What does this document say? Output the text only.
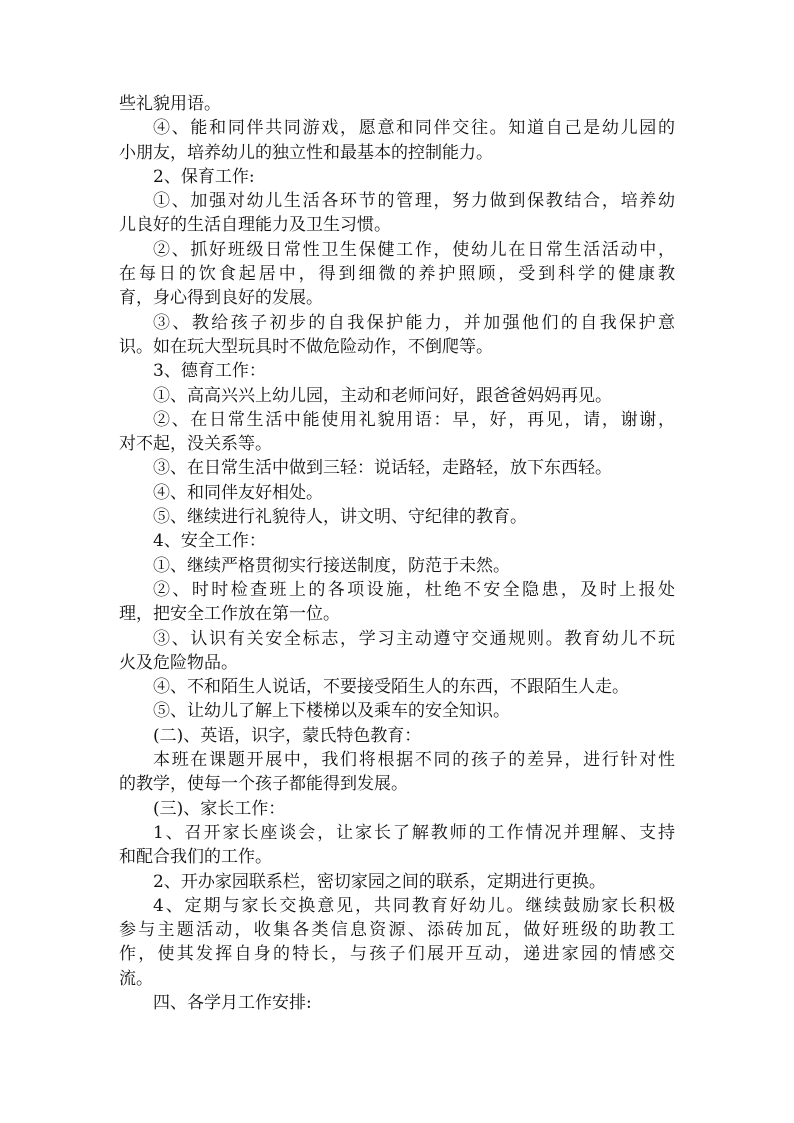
些礼貌用语。
④、能和同伴共同游戏，愿意和同伴交往。知道自己是幼儿园的
小朋友，培养幼儿的独立性和最基本的控制能力。
2、保育工作:
①、加强对幼儿生活各环节的管理，努力做到保教结合，培养幼
儿良好的生活自理能力及卫生习惯。
②、抓好班级日常性卫生保健工作，使幼儿在日常生活活动中，
在每日的饮食起居中，得到细微的养护照顾，受到科学的健康教
育，身心得到良好的发展。
③、教给孩子初步的自我保护能力，并加强他们的自我保护意
识。如在玩大型玩具时不做危险动作，不倒爬等。
3、德育工作：
①、高高兴兴上幼儿园，主动和老师问好，跟爸爸妈妈再见。
②、在日常生活中能使用礼貌用语：早，好，再见，请，谢谢，
对不起，没关系等。
③、在日常生活中做到三轻：说话轻，走路轻，放下东西轻。
④、和同伴友好相处。
⑤、继续进行礼貌待人，讲文明、守纪律的教育。
4、安全工作：
①、继续严格贯彻实行接送制度，防范于未然。
②、时时检查班上的各项设施，杜绝不安全隐患，及时上报处
理，把安全工作放在第一位。
③、认识有关安全标志，学习主动遵守交通规则。教育幼儿不玩
火及危险物品。
④、不和陌生人说话，不要接受陌生人的东西，不跟陌生人走。
⑤、让幼儿了解上下楼梯以及乘车的安全知识。
(二)、英语，识字，蒙氏特色教育：
本班在课题开展中，我们将根据不同的孩子的差异，进行针对性
的教学，使每一个孩子都能得到发展。
(三)、家长工作：
1、召开家长座谈会，让家长了解教师的工作情况并理解、支持
和配合我们的工作。
2、开办家园联系栏，密切家园之间的联系，定期进行更换。
4、定期与家长交换意见，共同教育好幼儿。继续鼓励家长积极
参与主题活动，收集各类信息资源、添砖加瓦，做好班级的助教工
作，使其发挥自身的特长，与孩子们展开互动，递进家园的情感交
流。
四、各学月工作安排:
